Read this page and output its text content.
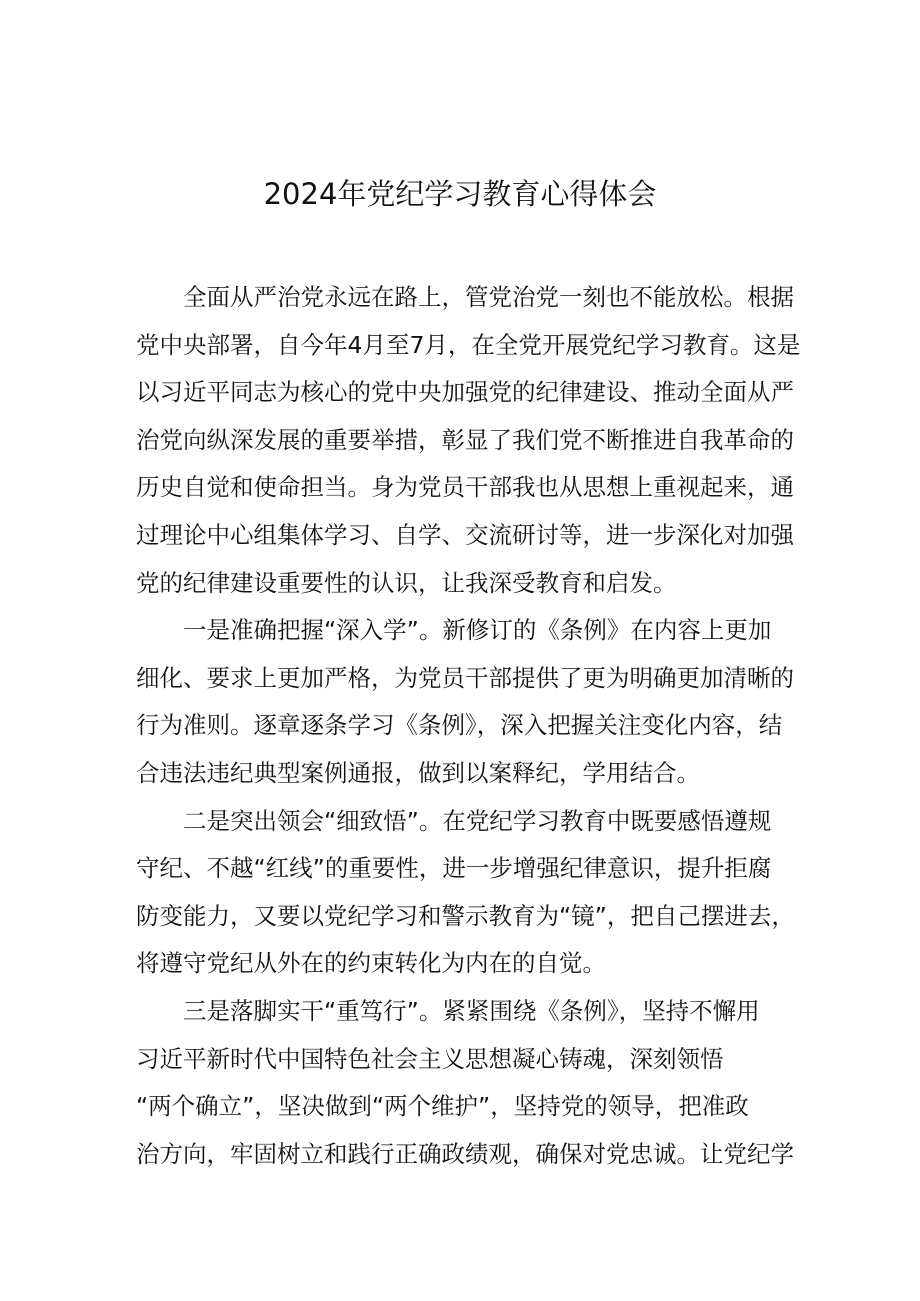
2024年党纪学习教育心得体会
全面从严治党永远在路上，管党治党一刻也不能放松。根据
党中央部署，自今年4月至7月，在全党开展党纪学习教育。这是
以习近平同志为核心的党中央加强党的纪律建设、推动全面从严
治党向纵深发展的重要举措，彰显了我们党不断推进自我革命的
历史自觉和使命担当。身为党员干部我也从思想上重视起来，通
过理论中心组集体学习、自学、交流研讨等，进一步深化对加强
党的纪律建设重要性的认识，让我深受教育和启发。
一是准确把握“深入学”。新修订的《条例》在内容上更加
细化、要求上更加严格，为党员干部提供了更为明确更加清晰的
行为准则。逐章逐条学习《条例》，深入把握关注变化内容，结
合违法违纪典型案例通报，做到以案释纪，学用结合。
二是突出领会“细致悟”。在党纪学习教育中既要感悟遵规
守纪、不越“红线”的重要性，进一步增强纪律意识，提升拒腐
防变能力，又要以党纪学习和警示教育为“镜”，把自己摆进去，
将遵守党纪从外在的约束转化为内在的自觉。
三是落脚实干“重笃行”。紧紧围绕《条例》，坚持不懈用
习近平新时代中国特色社会主义思想凝心铸魂，深刻领悟
“两个确立”，坚决做到“两个维护”，坚持党的领导，把准政
治方向，牢固树立和践行正确政绩观，确保对党忠诚。让党纪学
